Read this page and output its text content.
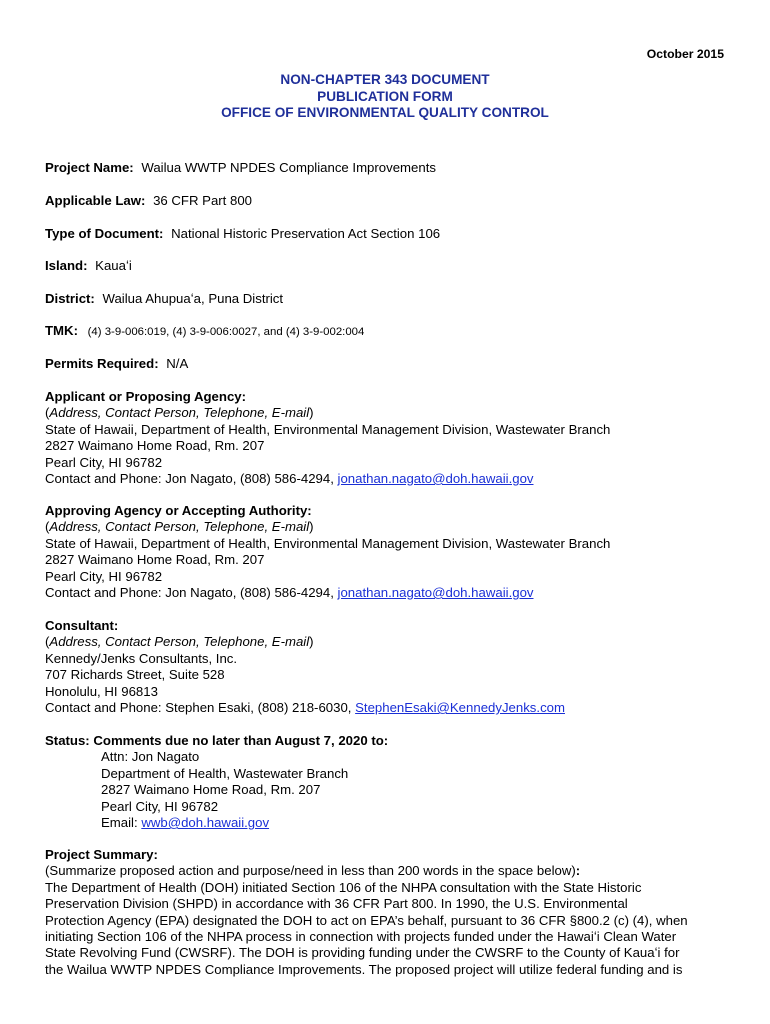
October 2015
NON-CHAPTER 343 DOCUMENT
PUBLICATION FORM
OFFICE OF ENVIRONMENTAL QUALITY CONTROL
Project Name: Wailua WWTP NPDES Compliance Improvements
Applicable Law: 36 CFR Part 800
Type of Document: National Historic Preservation Act Section 106
Island: Kauaʻi
District: Wailua Ahupuaʻa, Puna District
TMK: (4) 3-9-006:019, (4) 3-9-006:0027, and (4) 3-9-002:004
Permits Required: N/A
Applicant or Proposing Agency:
(Address, Contact Person, Telephone, E-mail)
State of Hawaii, Department of Health, Environmental Management Division, Wastewater Branch
2827 Waimano Home Road, Rm. 207
Pearl City, HI 96782
Contact and Phone: Jon Nagato, (808) 586-4294, jonathan.nagato@doh.hawaii.gov
Approving Agency or Accepting Authority:
(Address, Contact Person, Telephone, E-mail)
State of Hawaii, Department of Health, Environmental Management Division, Wastewater Branch
2827 Waimano Home Road, Rm. 207
Pearl City, HI 96782
Contact and Phone: Jon Nagato, (808) 586-4294, jonathan.nagato@doh.hawaii.gov
Consultant:
(Address, Contact Person, Telephone, E-mail)
Kennedy/Jenks Consultants, Inc.
707 Richards Street, Suite 528
Honolulu, HI 96813
Contact and Phone: Stephen Esaki, (808) 218-6030, StephenEsaki@KennedyJenks.com
Status: Comments due no later than August 7, 2020 to:
Attn: Jon Nagato
Department of Health, Wastewater Branch
2827 Waimano Home Road, Rm. 207
Pearl City, HI 96782
Email: wwb@doh.hawaii.gov
Project Summary:
(Summarize proposed action and purpose/need in less than 200 words in the space below):
The Department of Health (DOH) initiated Section 106 of the NHPA consultation with the State Historic
Preservation Division (SHPD) in accordance with 36 CFR Part 800. In 1990, the U.S. Environmental
Protection Agency (EPA) designated the DOH to act on EPA’s behalf, pursuant to 36 CFR §800.2 (c) (4), when
initiating Section 106 of the NHPA process in connection with projects funded under the Hawaiʻi Clean Water
State Revolving Fund (CWSRF). The DOH is providing funding under the CWSRF to the County of Kauaʻi for
the Wailua WWTP NPDES Compliance Improvements. The proposed project will utilize federal funding and is
